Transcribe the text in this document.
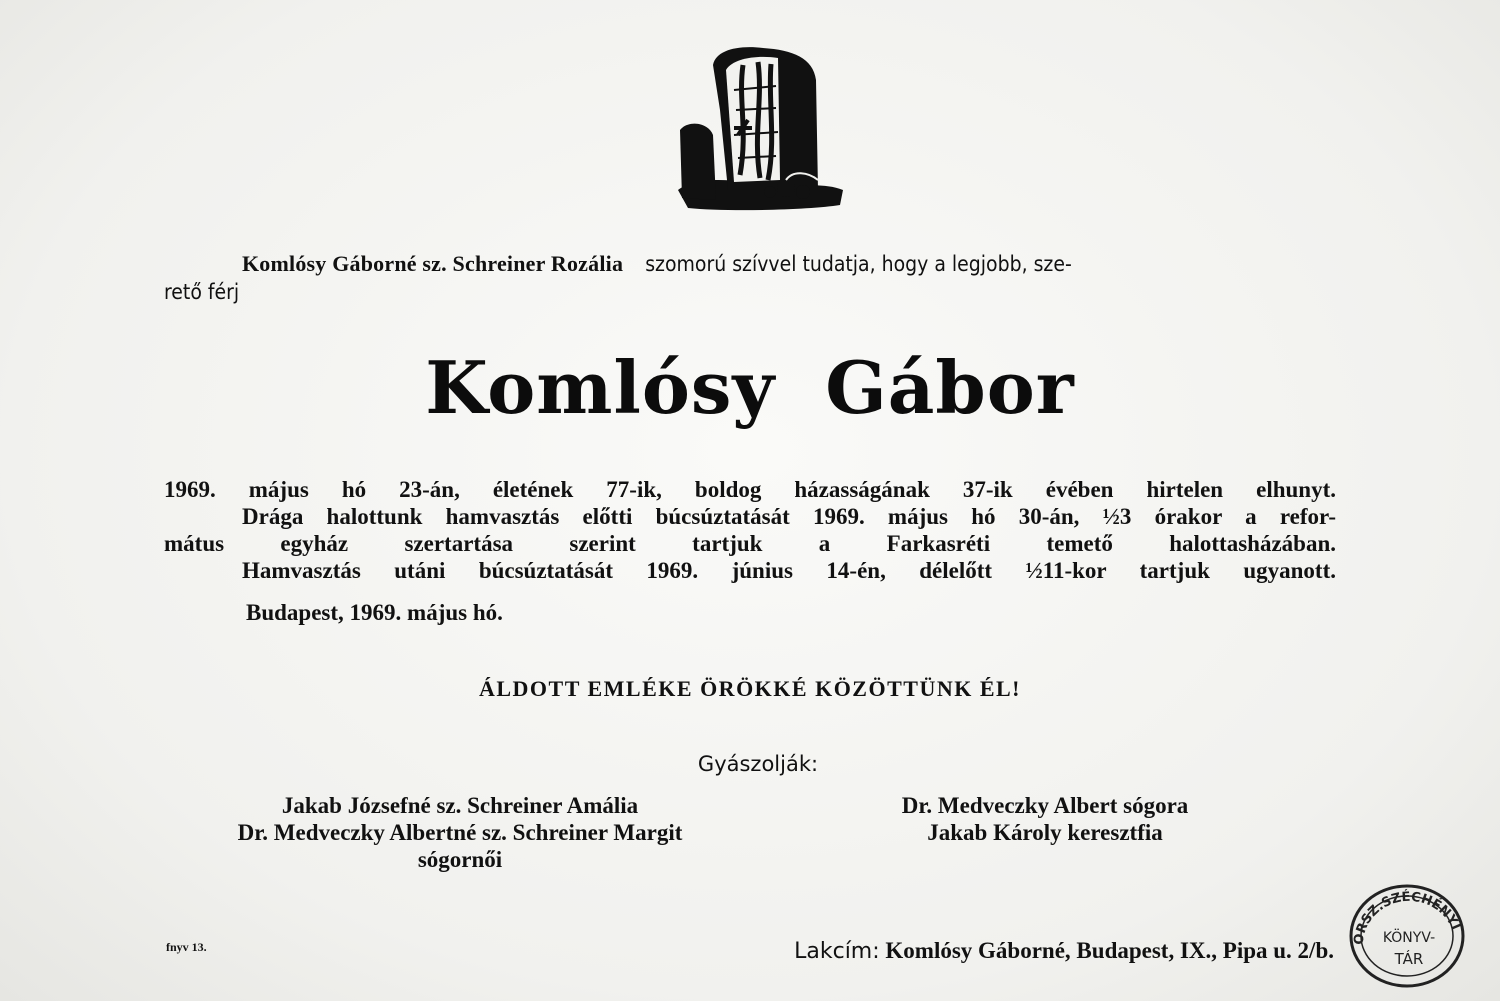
Komlósy Gáborné sz. Schreiner Rozália szomorú szívvel tudatja, hogy a legjobb, sze-
rető férj
Komlósy Gábor
1969. május hó 23-án, életének 77-ik, boldog házasságának 37-ik évében hirtelen elhunyt.
Drága halottunk hamvasztás előtti búcsúztatását 1969. május hó 30-án, ½3 órakor a refor-
mátus egyház szertartása szerint tartjuk a Farkasréti temető halottasházában.
Hamvasztás utáni búcsúztatását 1969. június 14-én, délelőtt ½11-kor tartjuk ugyanott.
Budapest, 1969. május hó.
ÁLDOTT EMLÉKE ÖRÖKKÉ KÖZÖTTÜNK ÉL!
Gyászolják:
Jakab Józsefné sz. Schreiner Amália
Dr. Medveczky Albertné sz. Schreiner Margit
sógornői
Dr. Medveczky Albert sógora
Jakab Károly keresztfia
fnyv 13.	Lakcím: Komlósy Gáborné, Budapest, IX., Pipa u. 2/b. ORSZ.SZÉCHÉNYI
KÖNYV-
TÁR
